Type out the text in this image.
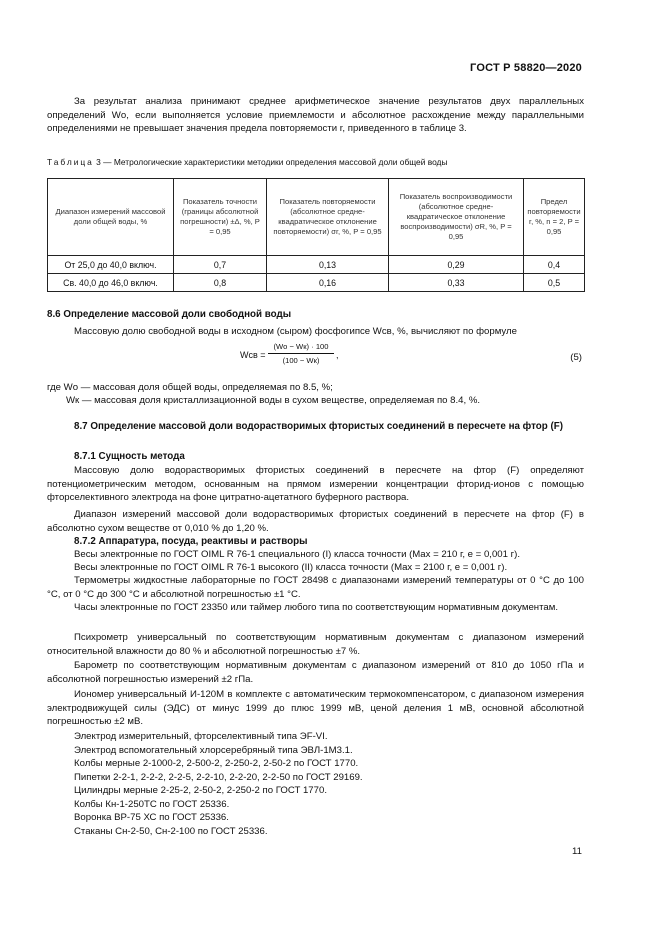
ГОСТ Р 58820—2020

За результат анализа принимают среднее арифметическое значение результатов двух параллельных определений Wо, если выполняется условие приемлемости и абсолютное расхождение между параллельными определениями не превышает значения предела повторяемости r, приведенного в таблице 3.

Таблица 3 — Метрологические характеристики методики определения массовой доли общей воды
Диапазон измерений массовой доли общей воды, %	Показатель точности (границы абсолютной погрешности) ±Δ, %, P = 0,95	Показатель повторяемости (абсолютное средне-квадратическое отклонение повторяемости) σr, %, P = 0,95	Показатель воспроизводимости (абсолютное средне-квадратическое отклонение воспроизводимости) σR, %, P = 0,95	Предел повторяемости r, %, n = 2, P = 0,95
От 25,0 до 40,0 включ.	0,7	0,13	0,29	0,4
Св. 40,0 до 46,0 включ.	0,8	0,16	0,33	0,5
8.6 Определение массовой доли свободной воды

Массовую долю свободной воды в исходном (сыром) фосфогипсе Wсв, %, вычисляют по формуле

Wсв =
(Wо − Wк) · 100
(100 − Wк)
,	(5)
где Wо — массовая доля общей воды, определяемая по 8.5, %;
Wк — массовая доля кристаллизационной воды в сухом веществе, определяемая по 8.4, %.
8.7 Определение массовой доли водорастворимых фтористых соединений в пересчете на фтор (F)
8.7.1 Сущность метода

Массовую долю водорастворимых фтористых соединений в пересчете на фтор (F) определяют потенциометрическим методом, основанным на прямом измерении концентрации фторид-ионов с помощью фторселективного электрода на фоне цитратно-ацетатного буферного раствора.

Диапазон измерений массовой доли водорастворимых фтористых соединений в пересчете на фтор (F) в абсолютно сухом веществе от 0,010 % до 1,20 %.

8.7.2 Аппаратура, посуда, реактивы и растворы
Весы электронные по ГОСТ OIML R 76-1 специального (I) класса точности (Max = 210 г, e = 0,001 г).
Весы электронные по ГОСТ OIML R 76-1 высокого (II) класса точности (Max = 2100 г, e = 0,001 г).

Термометры жидкостные лабораторные по ГОСТ 28498 с диапазонами измерений температуры от 0 °С до 100 °С, от 0 °С до 300 °С и абсолютной погрешностью ±1 °С.

Часы электронные по ГОСТ 23350 или таймер любого типа по соответствующим нормативным документам.

Психрометр универсальный по соответствующим нормативным документам с диапазоном измерений относительной влажности до 80 % и абсолютной погрешностью ±7 %.

Барометр по соответствующим нормативным документам с диапазоном измерений от 810 до 1050 гПа и абсолютной погрешностью измерений ±2 гПа.

Иономер универсальный И-120М в комплекте с автоматическим термокомпенсатором, с диапазоном измерения электродвижущей силы (ЭДС) от минус 1999 до плюс 1999 мВ, ценой деления 1 мВ, основной абсолютной погрешностью ±2 мВ.

Электрод измерительный, фторселективный типа ЭF-VI.
Электрод вспомогательный хлорсеребряный типа ЭВЛ-1М3.1.
Колбы мерные 2-1000-2, 2-500-2, 2-250-2, 2-50-2 по ГОСТ 1770.
Пипетки 2-2-1, 2-2-2, 2-2-5, 2-2-10, 2-2-20, 2-2-50 по ГОСТ 29169.
Цилиндры мерные 2-25-2, 2-50-2, 2-250-2 по ГОСТ 1770.
Колбы Кн-1-250ТС по ГОСТ 25336.
Воронка ВР-75 ХС по ГОСТ 25336.
Стаканы Сн-2-50, Сн-2-100 по ГОСТ 25336.
11
